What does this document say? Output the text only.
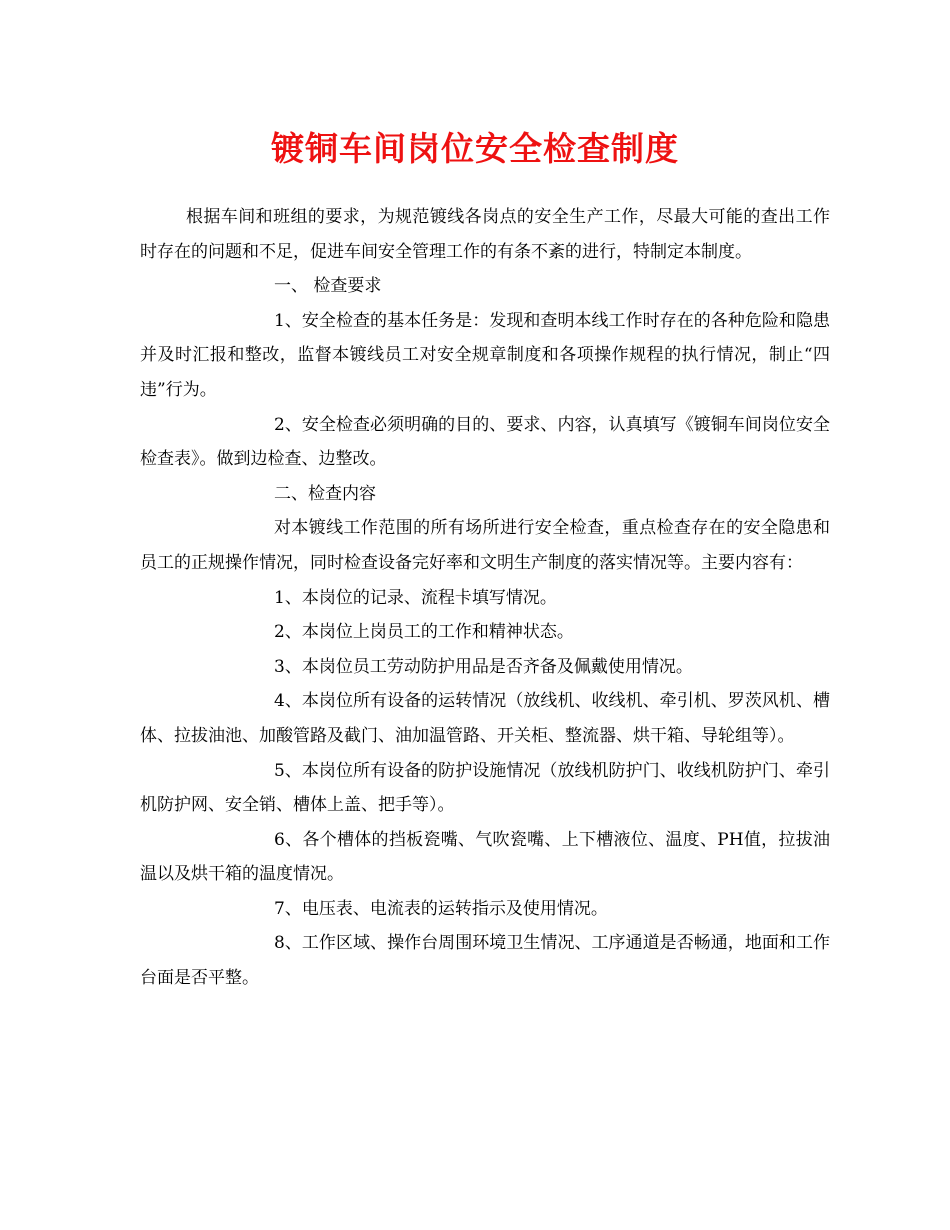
镀铜车间岗位安全检查制度

根据车间和班组的要求，为规范镀线各岗点的安全生产工作，尽最大可能的查出工作时存在的问题和不足，促进车间安全管理工作的有条不紊的进行，特制定本制度。

一、 检查要求

1、安全检查的基本任务是：发现和查明本线工作时存在的各种危险和隐患并及时汇报和整改，监督本镀线员工对安全规章制度和各项操作规程的执行情况，制止“四违”行为。

2、安全检查必须明确的目的、要求、内容，认真填写《镀铜车间岗位安全检查表》。做到边检查、边整改。

二、检查内容

对本镀线工作范围的所有场所进行安全检查，重点检查存在的安全隐患和员工的正规操作情况，同时检查设备完好率和文明生产制度的落实情况等。主要内容有：

1、本岗位的记录、流程卡填写情况。

2、本岗位上岗员工的工作和精神状态。

3、本岗位员工劳动防护用品是否齐备及佩戴使用情况。

4、本岗位所有设备的运转情况（放线机、收线机、牵引机、罗茨风机、槽体、拉拔油池、加酸管路及截门、油加温管路、开关柜、整流器、烘干箱、导轮组等）。

5、本岗位所有设备的防护设施情况（放线机防护门、收线机防护门、牵引机防护网、安全销、槽体上盖、把手等）。

6、各个槽体的挡板瓷嘴、气吹瓷嘴、上下槽液位、温度、PH值，拉拔油温以及烘干箱的温度情况。

7、电压表、电流表的运转指示及使用情况。

8、工作区域、操作台周围环境卫生情况、工序通道是否畅通，地面和工作台面是否平整。
